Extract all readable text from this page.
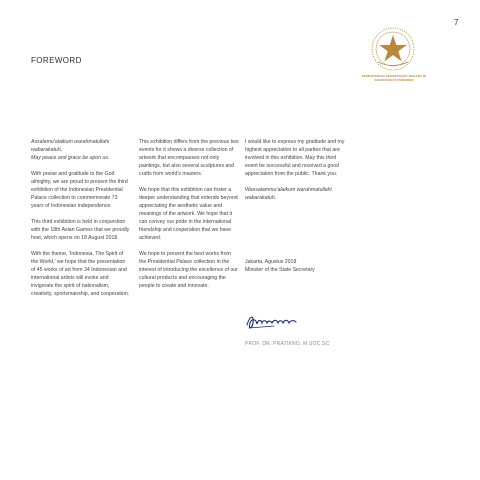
7
FOREWORD
KEMENTERIAN SEKRETARIAT NEGARA RI
SEKRETARIAT PRESIDEN

Assalamu’alaikum warahmatullahi wabarakatuh,
May peace and grace be upon us.

With praise and gratitude to the God almighty, we are proud to present the third exhibition of the Indonesian Presidential Palace collection to commemorate 73 years of Indonesian independence.

This third exhibition is held in conjunction with the 18th Asian Games that we proudly host, which opens on 18 August 2018.

With the theme, ‘Indonesia, The Spirit of the World,’ we hope that the presentation of 45 works of art from 34 Indonesian and international artists will evoke and invigorate the spirit of nationalism, creativity, sportsmanship, and cooperation.

This exhibition differs from the previous two events for it shows a diverse collection of artwork that encompasses not only paintings, but also several sculptures and crafts from world’s masters.

We hope that this exhibition can foster a deeper understanding that extends beyond appreciating the aesthetic value and meanings of the artwork. We hope that it can convey our pride in the international friendship and cooperation that we have achieved.

We hope to present the best works from the Presidential Palace collection in the interest of introducing the excellence of our cultural products and encouraging the people to create and innovate.

I would like to express my gratitude and my highest appreciation to all parties that are involved in this exhibition. May this third event be successful and received a good appreciation from the public. Thank you.

Wassalammu’alaikum warahmatullahi wabarakatuh.

Jakarta, Agustus 2018
Minister of the State Secretary
PROF. DR. PRATIKNO, M.SOC.SC
